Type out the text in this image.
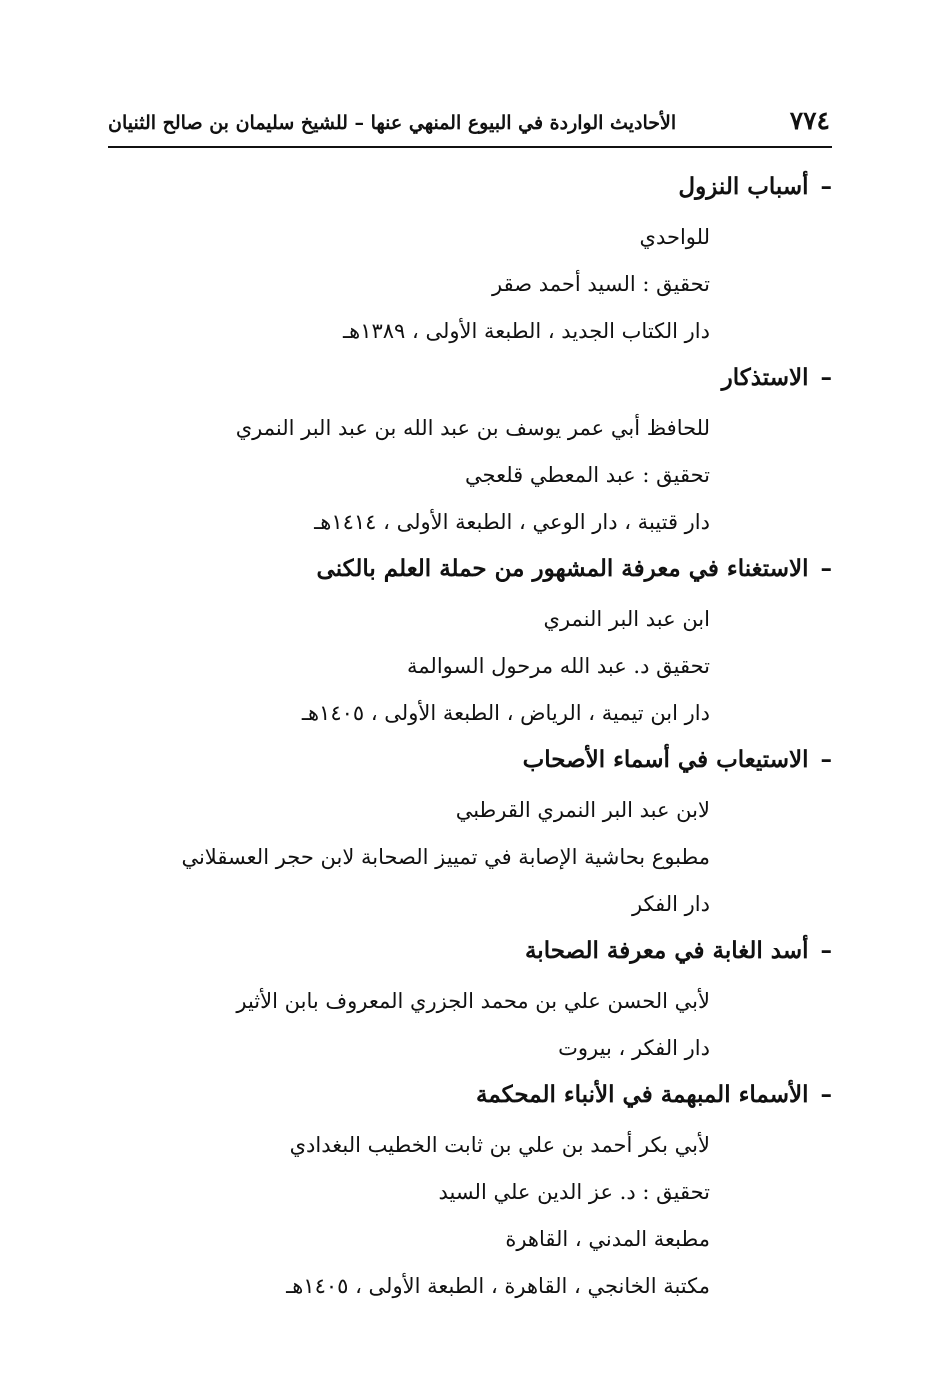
٧٧٤
الأحاديث الواردة في البيوع المنهي عنها – للشيخ سليمان بن صالح الثنيان
–أسباب النزول
للواحدي
تحقيق : السيد أحمد صقر
دار الكتاب الجديد ، الطبعة الأولى ، ١٣٨٩هـ
–الاستذكار
للحافظ أبي عمر يوسف بن عبد الله بن عبد البر النمري
تحقيق : عبد المعطي قلعجي
دار قتيبة ، دار الوعي ، الطبعة الأولى ، ١٤١٤هـ
–الاستغناء في معرفة المشهور من حملة العلم بالكنى
ابن عبد البر النمري
تحقيق د. عبد الله مرحول السوالمة
دار ابن تيمية ، الرياض ، الطبعة الأولى ، ١٤٠٥هـ
–الاستيعاب في أسماء الأصحاب
لابن عبد البر النمري القرطبي
مطبوع بحاشية الإصابة في تمييز الصحابة لابن حجر العسقلاني
دار الفكر
–أسد الغابة في معرفة الصحابة
لأبي الحسن علي بن محمد الجزري المعروف بابن الأثير
دار الفكر ، بيروت
–الأسماء المبهمة في الأنباء المحكمة
لأبي بكر أحمد بن علي بن ثابت الخطيب البغدادي
تحقيق : د. عز الدين علي السيد
مطبعة المدني ، القاهرة
مكتبة الخانجي ، القاهرة ، الطبعة الأولى ، ١٤٠٥هـ
